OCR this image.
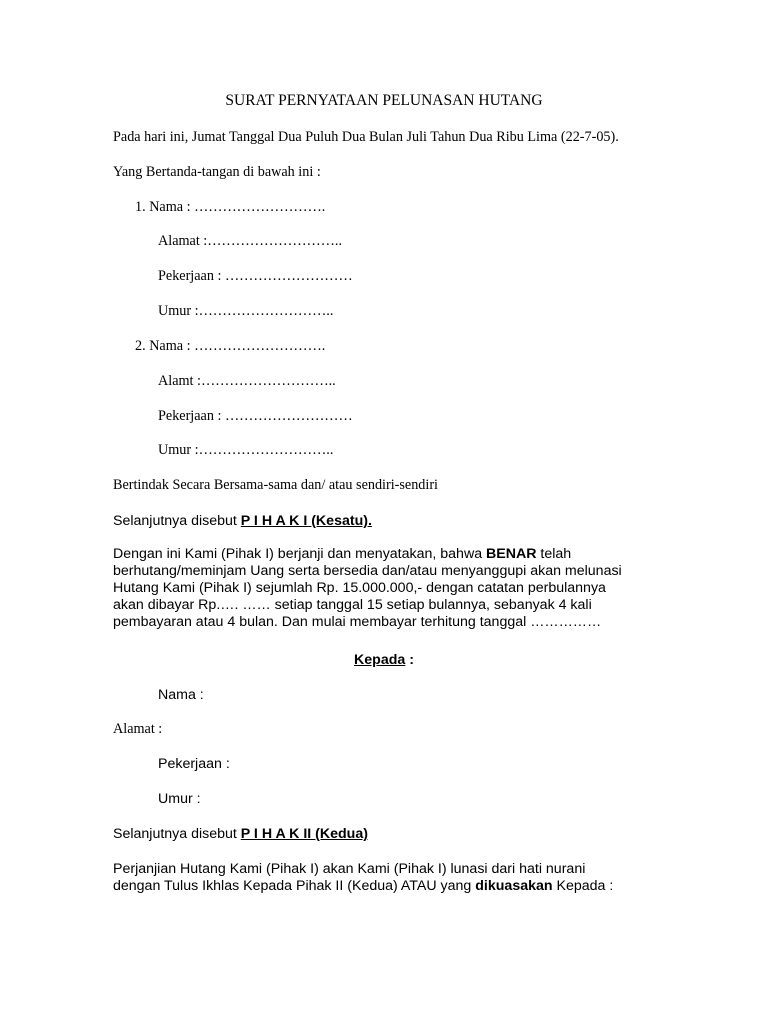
SURAT PERNYATAAN PELUNASAN HUTANG
Pada hari ini, Jumat Tanggal Dua Puluh Dua Bulan Juli Tahun Dua Ribu Lima (22-7-05).
Yang Bertanda-tangan di bawah ini :
1. Nama : ……………………….
Alamat :………………………..
Pekerjaan : ………………………
Umur :………………………..
2. Nama : ……………………….
Alamt :………………………..
Pekerjaan : ………………………
Umur :………………………..
Bertindak Secara Bersama-sama dan/ atau sendiri-sendiri
Selanjutnya disebut P I H A K I (Kesatu).

Dengan ini Kami (Pihak I) berjanji dan menyatakan, bahwa BENAR telah

berhutang/meminjam Uang serta bersedia dan/atau menyanggupi akan melunasi

Hutang Kami (Pihak I) sejumlah Rp. 15.000.000,- dengan catatan perbulannya

akan dibayar Rp.…. …… setiap tanggal 15 setiap bulannya, sebanyak 4 kali

pembayaran atau 4 bulan. Dan mulai membayar terhitung tanggal ……………

Kepada :
Nama :
Alamat :
Pekerjaan :
Umur :
Selanjutnya disebut P I H A K II (Kedua)
Perjanjian Hutang Kami (Pihak I) akan Kami (Pihak I) lunasi dari hati nurani
dengan Tulus Ikhlas Kepada Pihak II (Kedua) ATAU yang dikuasakan Kepada :
